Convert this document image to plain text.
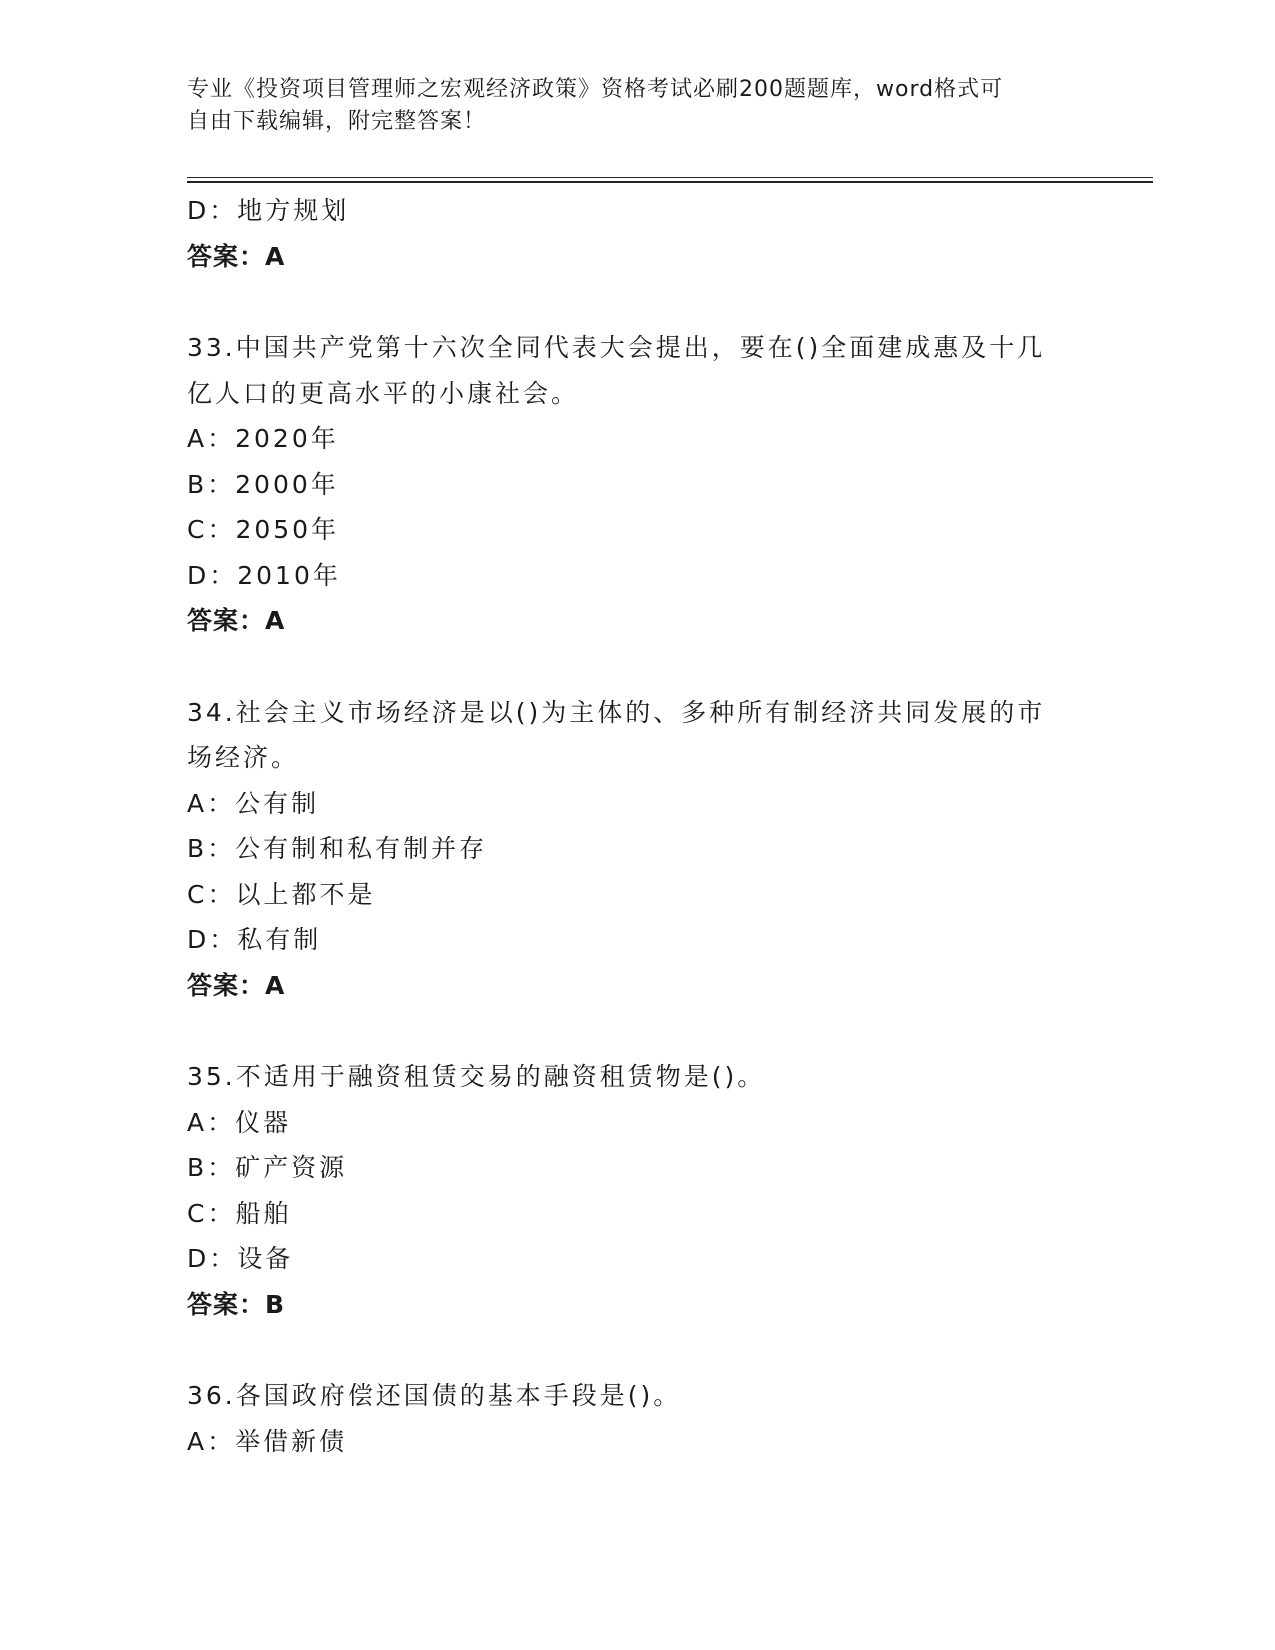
专业《投资项目管理师之宏观经济政策》资格考试必刷200题题库，word格式可
自由下载编辑，附完整答案！
D：地方规划
答案：A
33.中国共产党第十六次全同代表大会提出，要在()全面建成惠及十几
亿人口的更高水平的小康社会。
A：2020年
B：2000年
C：2050年
D：2010年
答案：A
34.社会主义市场经济是以()为主体的、多种所有制经济共同发展的市
场经济。
A：公有制
B：公有制和私有制并存
C：以上都不是
D：私有制
答案：A
35.不适用于融资租赁交易的融资租赁物是()。
A：仪器
B：矿产资源
C：船舶
D：设备
答案：B
36.各国政府偿还国债的基本手段是()。
A：举借新债
